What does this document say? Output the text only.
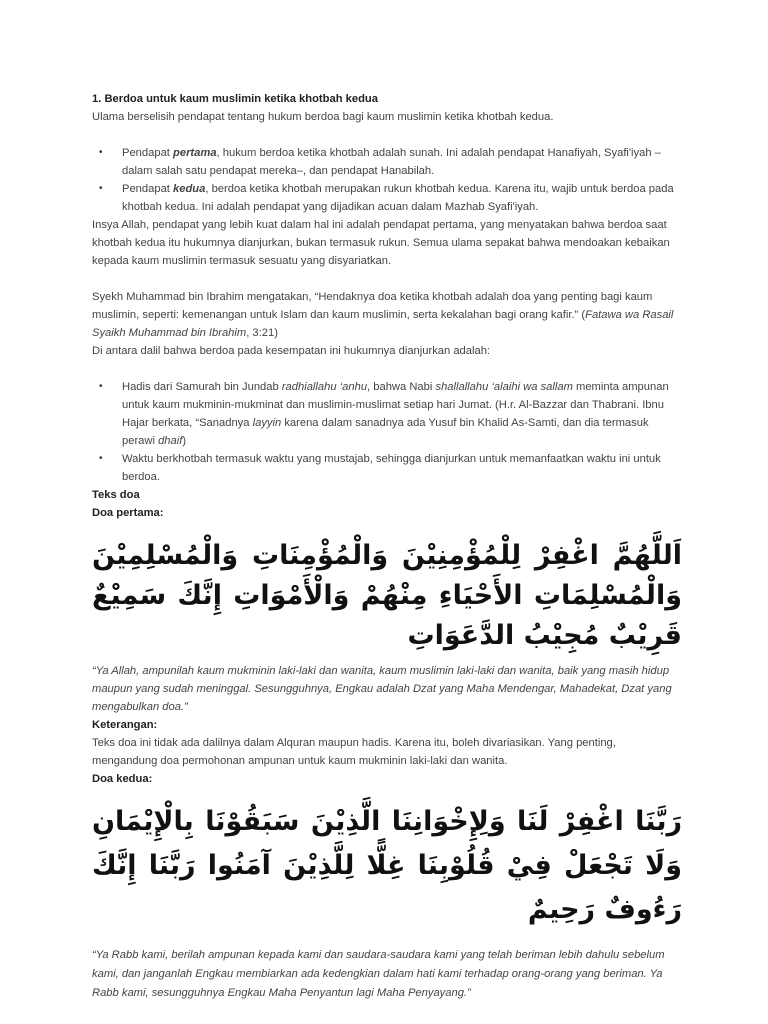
1. Berdoa untuk kaum muslimin ketika khotbah kedua

Ulama berselisih pendapat tentang hukum berdoa bagi kaum muslimin ketika khotbah kedua.

• Pendapat pertama, hukum berdoa ketika khotbah adalah sunah. Ini adalah pendapat Hanafiyah, Syafi'iyah –dalam salah satu pendapat mereka–, dan pendapat Hanabilah.
• Pendapat kedua, berdoa ketika khotbah merupakan rukun khotbah kedua. Karena itu, wajib untuk berdoa pada khotbah kedua. Ini adalah pendapat yang dijadikan acuan dalam Mazhab Syafi'iyah.

Insya Allah, pendapat yang lebih kuat dalam hal ini adalah pendapat pertama, yang menyatakan bahwa berdoa saat khotbah kedua itu hukumnya dianjurkan, bukan termasuk rukun. Semua ulama sepakat bahwa mendoakan kebaikan kepada kaum muslimin termasuk sesuatu yang disyariatkan.

Syekh Muhammad bin Ibrahim mengatakan, “Hendaknya doa ketika khotbah adalah doa yang penting bagi kaum muslimin, seperti: kemenangan untuk Islam dan kaum muslimin, serta kekalahan bagi orang kafir.” (Fatawa wa Rasail Syaikh Muhammad bin Ibrahim, 3:21)

Di antara dalil bahwa berdoa pada kesempatan ini hukumnya dianjurkan adalah:

• Hadis dari Samurah bin Jundab radhiallahu ‘anhu, bahwa Nabi shallallahu ‘alaihi wa sallam meminta ampunan untuk kaum mukminin-mukminat dan muslimin-muslimat setiap hari Jumat. (H.r. Al-Bazzar dan Thabrani. Ibnu Hajar berkata, “Sanadnya layyin karena dalam sanadnya ada Yusuf bin Khalid As-Samti, dan dia termasuk perawi dhaif)
• Waktu berkhotbah termasuk waktu yang mustajab, sehingga dianjurkan untuk memanfaatkan waktu ini untuk berdoa.

Teks doa

Doa pertama:

اَللَّهُمَّ اغْفِرْ لِلْمُؤْمِنِيْنَ وَالْمُؤْمِنَاتِ وَالْمُسْلِمِيْنَ وَالْمُسْلِمَاتِ الأَحْيَاءِ مِنْهُمْ وَالْأَمْوَاتِ إِنَّكَ سَمِيْعٌ قَرِيْبٌ مُجِيْبُ الدَّعَوَاتِ

“Ya Allah, ampunilah kaum mukminin laki-laki dan wanita, kaum muslimin laki-laki dan wanita, baik yang masih hidup maupun yang sudah meninggal. Sesungguhnya, Engkau adalah Dzat yang Maha Mendengar, Mahadekat, Dzat yang mengabulkan doa.”

Keterangan:

Teks doa ini tidak ada dalilnya dalam Alquran maupun hadis. Karena itu, boleh divariasikan. Yang penting, mengandung doa permohonan ampunan untuk kaum mukminin laki-laki dan wanita.

Doa kedua:

رَبَّنَا اغْفِرْ لَنَا وَلِإِخْوَانِنَا الَّذِيْنَ سَبَقُوْنَا بِالْإِيْمَانِ وَلَا تَجْعَلْ فِيْ قُلُوْبِنَا غِلًّا لِلَّذِيْنَ آمَنُوا رَبَّنَا إِنَّكَ رَءُوفٌ رَحِيمٌ

“Ya Rabb kami, berilah ampunan kepada kami dan saudara-saudara kami yang telah beriman lebih dahulu sebelum kami, dan janganlah Engkau membiarkan ada kedengkian dalam hati kami terhadap orang-orang yang beriman. Ya Rabb kami, sesungguhnya Engkau Maha Penyantun lagi Maha Penyayang.”
